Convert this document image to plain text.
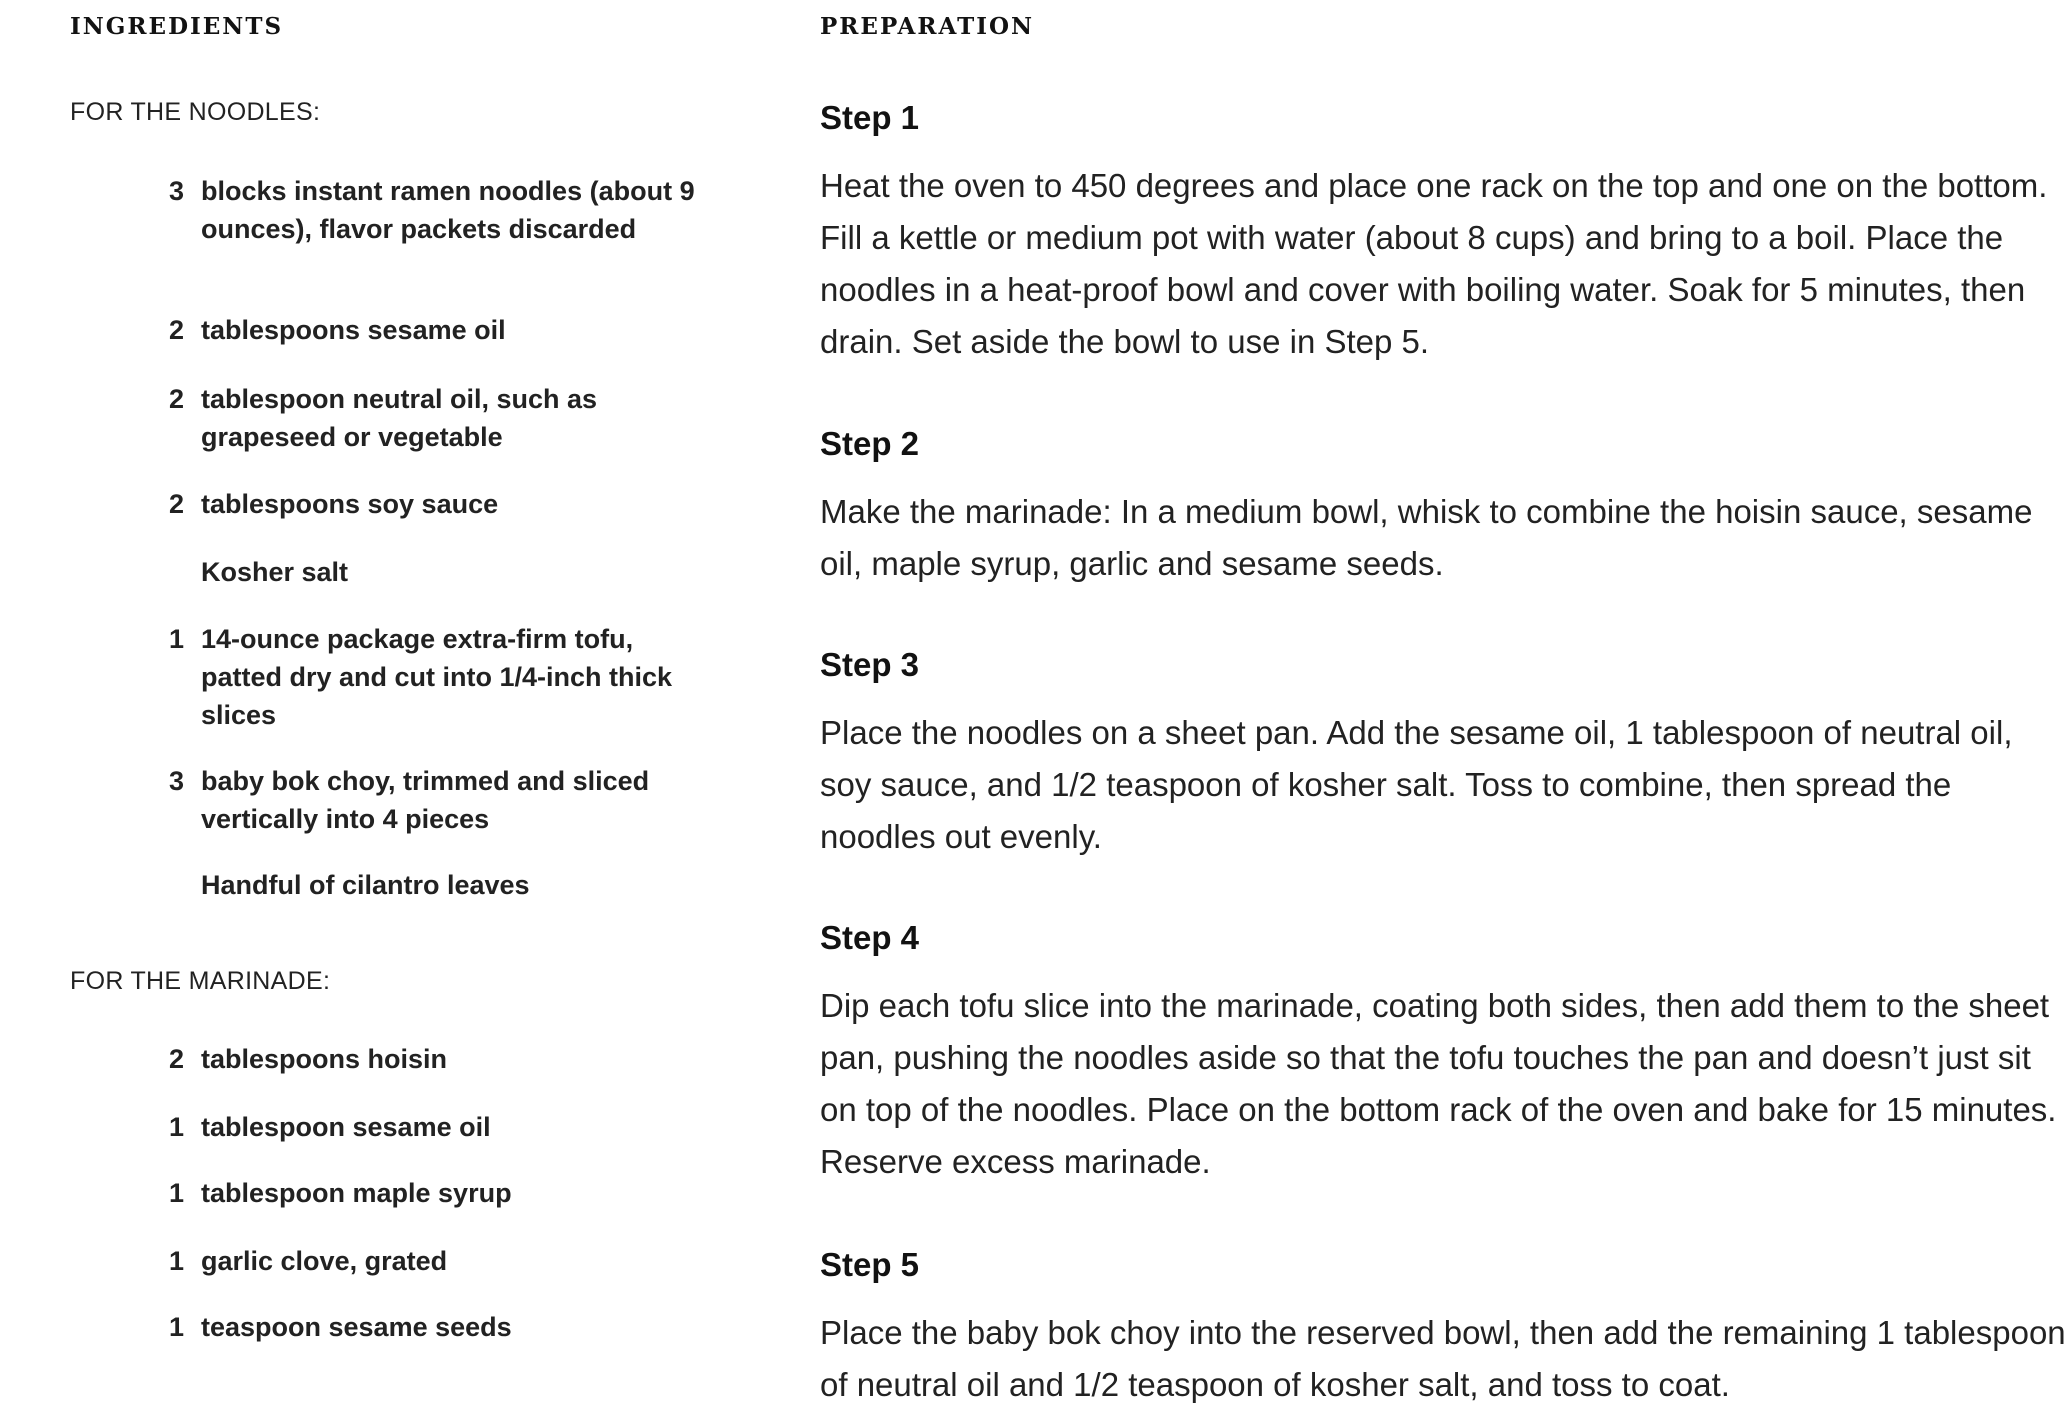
INGREDIENTS
FOR THE NOODLES:
3 blocks instant ramen noodles (about 9 ounces), flavor packets discarded
2 tablespoons sesame oil
2 tablespoon neutral oil, such as grapeseed or vegetable
2 tablespoons soy sauce
Kosher salt
1 14-ounce package extra-firm tofu, patted dry and cut into 1/4-inch thick slices
3 baby bok choy, trimmed and sliced vertically into 4 pieces
Handful of cilantro leaves
FOR THE MARINADE:
2 tablespoons hoisin
1 tablespoon sesame oil
1 tablespoon maple syrup
1 garlic clove, grated
1 teaspoon sesame seeds
PREPARATION
Step 1

Heat the oven to 450 degrees and place one rack on the top and one on the bottom. Fill a kettle or medium pot with water (about 8 cups) and bring to a boil. Place the noodles in a heat-proof bowl and cover with boiling water. Soak for 5 minutes, then drain. Set aside the bowl to use in Step 5.

Step 2

Make the marinade: In a medium bowl, whisk to combine the hoisin sauce, sesame oil, maple syrup, garlic and sesame seeds.

Step 3

Place the noodles on a sheet pan. Add the sesame oil, 1 tablespoon of neutral oil, soy sauce, and 1/2 teaspoon of kosher salt. Toss to combine, then spread the noodles out evenly.

Step 4

Dip each tofu slice into the marinade, coating both sides, then add them to the sheet pan, pushing the noodles aside so that the tofu touches the pan and doesn’t just sit on top of the noodles. Place on the bottom rack of the oven and bake for 15 minutes. Reserve excess marinade.

Step 5

Place the baby bok choy into the reserved bowl, then add the remaining 1 tablespoon of neutral oil and 1/2 teaspoon of kosher salt, and toss to coat.
